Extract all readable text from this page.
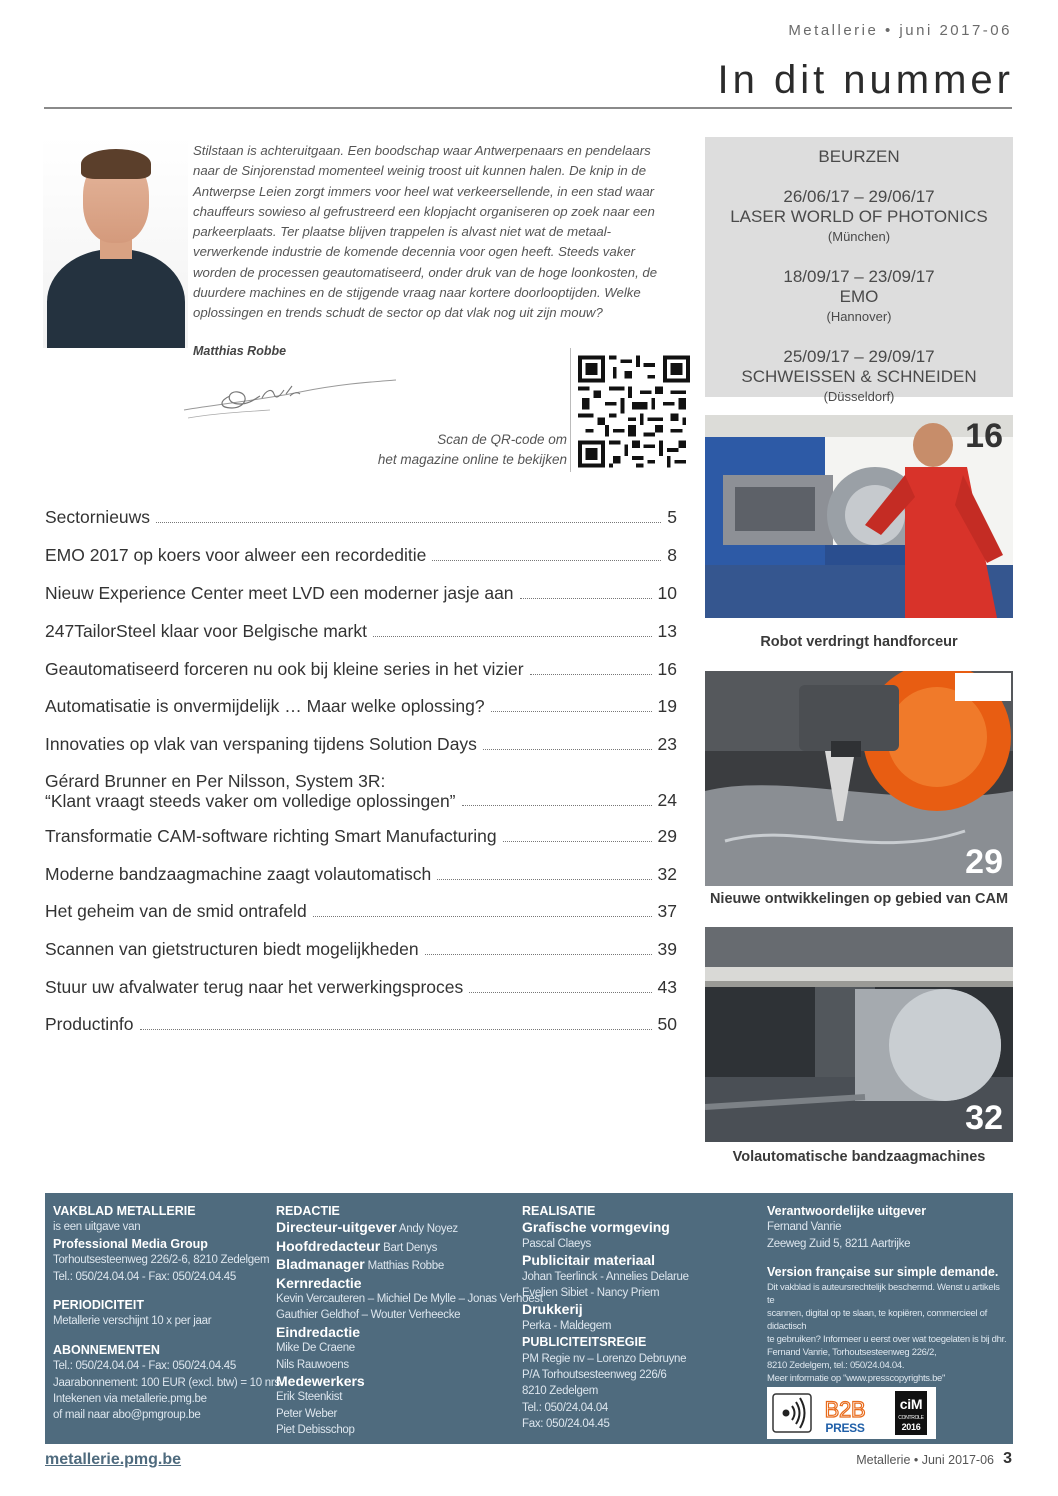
Metallerie • juni 2017-06
In dit nummer

Stilstaan is achteruitgaan. Een boodschap waar Antwerpenaars en pendelaars naar de Sinjorenstad momenteel weinig troost uit kunnen halen. De knip in de Antwerpse Leien zorgt immers voor heel wat verkeersellende, in een stad waar chauffeurs sowieso al gefrustreerd een klopjacht organiseren op zoek naar een parkeerplaats. Ter plaatse blijven trappelen is alvast niet wat de metaal-verwerkende industrie de komende decennia voor ogen heeft. Steeds vaker worden de processen geautomatiseerd, onder druk van de hoge loonkosten, de duurdere machines en de stijgende vraag naar kortere doorlooptijden. Welke oplossingen en trends schudt de sector op dat vlak nog uit zijn mouw?

Matthias Robbe
Scan de QR-code om
het magazine online te bekijken
BEURZEN
26/06/17 – 29/06/17
LASER WORLD OF PHOTONICS
(München)
18/09/17 – 23/09/17
EMO
(Hannover)
25/09/17 – 29/09/17
SCHWEISSEN & SCHNEIDEN
(Düsseldorf)
Sectornieuws	5
EMO 2017 op koers voor alweer een recordeditie	8
Nieuw Experience Center meet LVD een moderner jasje aan	10
247TailorSteel klaar voor Belgische markt	13
Geautomatiseerd forceren nu ook bij kleine series in het vizier	16
Automatisatie is onvermijdelijk … Maar welke oplossing?	19
Innovaties op vlak van verspaning tijdens Solution Days	23
Gérard Brunner en Per Nilsson, System 3R:
“Klant vraagt steeds vaker om volledige oplossingen”	24
Transformatie CAM-software richting Smart Manufacturing	29
Moderne bandzaagmachine zaagt volautomatisch	32
Het geheim van de smid ontrafeld	37
Scannen van gietstructuren biedt mogelijkheden	39
Stuur uw afvalwater terug naar het verwerkingsproces	43
Productinfo	50
16
Robot verdringt handforceur
29
Nieuwe ontwikkelingen op gebied van CAM
32
Volautomatische bandzaagmachines
VAKBLAD METALLERIE
is een uitgave van
Professional Media Group
Torhoutsesteenweg 226/2-6, 8210 Zedelgem
Tel.: 050/24.04.04 - Fax: 050/24.04.45
PERIODICITEIT
Metallerie verschijnt 10 x per jaar
ABONNEMENTEN
Tel.: 050/24.04.04 - Fax: 050/24.04.45
Jaarabonnement: 100 EUR (excl. btw) = 10 nrs.
Intekenen via metallerie.pmg.be
of mail naar abo@pmgroup.be
REDACTIE
Directeur-uitgever Andy Noyez
Hoofdredacteur Bart Denys
Bladmanager Matthias Robbe
Kernredactie
Kevin Vercauteren – Michiel De Mylle – Jonas Verhoest
Gauthier Geldhof – Wouter Verheecke
Eindredactie
Mike De Craene
Nils Rauwoens
Medewerkers
Erik Steenkist
Peter Weber
Piet Debisschop
REALISATIE
Grafische vormgeving
Pascal Claeys
Publicitair materiaal
Johan Teerlinck - Annelies Delarue
Evelien Sibiet - Nancy Priem
Drukkerij
Perka - Maldegem
PUBLICITEITSREGIE
PM Regie nv – Lorenzo Debruyne
P/A Torhoutsesteenweg 226/6
8210 Zedelgem
Tel.: 050/24.04.04
Fax: 050/24.04.45
Verantwoordelijke uitgever
Fernand Vanrie
Zeeweg Zuid 5, 8211 Aartrijke
Version française sur simple demande.
Dit vakblad is auteursrechtelijk beschermd. Wenst u artikels te
scannen, digital op te slaan, te kopiëren, commercieel of didactisch
te gebruiken? Informeer u eerst over wat toegelaten is bij dhr.
Fernand Vanrie, Torhoutsesteenweg 226/2,
8210 Zedelgem, tel.: 050/24.04.04.
Meer informatie op "www.presscopyrights.be"
B2B
PRESS
ciM
CONTROLE
2016
metallerie.pmg.be	Metallerie • Juni 2017-06 3
